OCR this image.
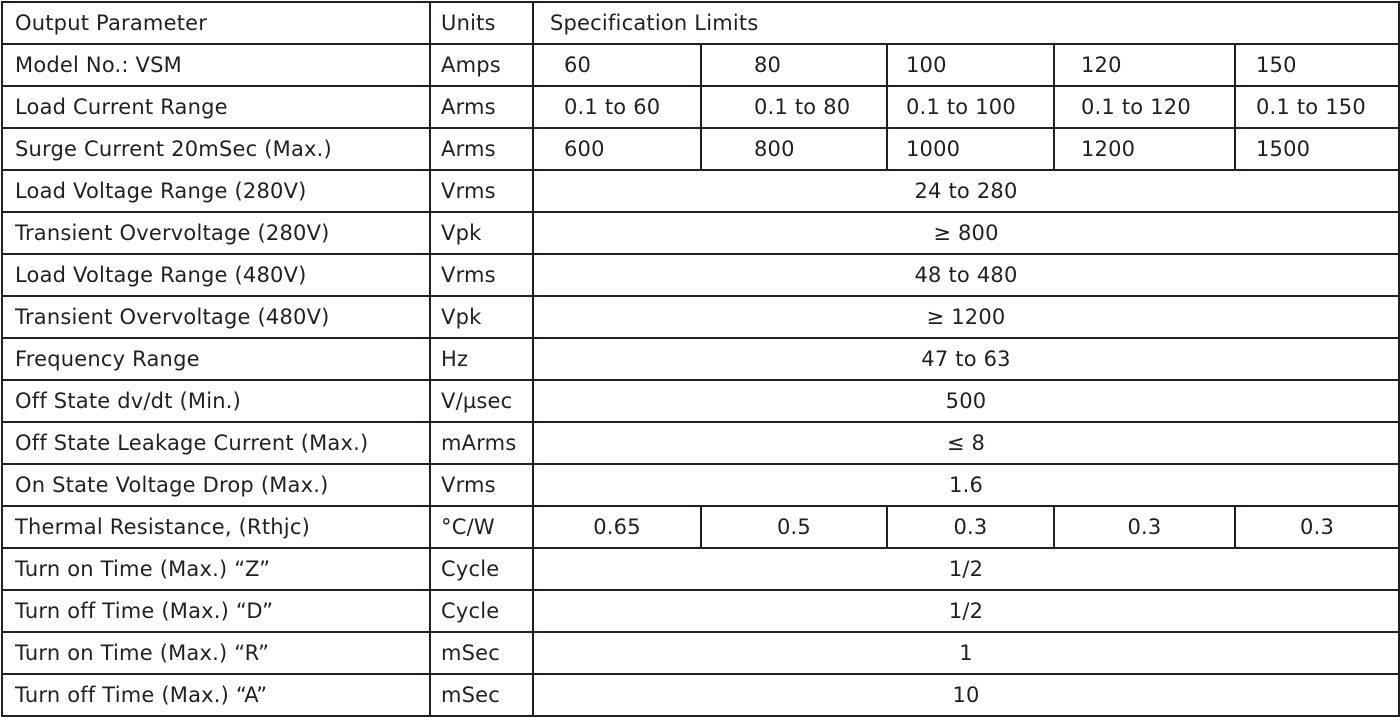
Output Parameter	Units	Specification Limits				
Model No.: VSM	Amps	60	80	100	120	150
Load Current Range	Arms	0.1 to 60	0.1 to 80	0.1 to 100	0.1 to 120	0.1 to 150
Surge Current 20mSec (Max.)	Arms	600	800	1000	1200	1500
Load Voltage Range (280V)	Vrms	24 to 280				
Transient Overvoltage (280V)	Vpk	≥ 800				
Load Voltage Range (480V)	Vrms	48 to 480				
Transient Overvoltage (480V)	Vpk	≥ 1200				
Frequency Range	Hz	47 to 63				
Off State dv/dt (Min.)	V/µsec	500				
Off State Leakage Current (Max.)	mArms	≤ 8				
On State Voltage Drop (Max.)	Vrms	1.6				
Thermal Resistance, (Rthjc)	°C/W	0.65	0.5	0.3	0.3	0.3
Turn on Time (Max.) “Z”	Cycle	1/2				
Turn off Time (Max.) “D”	Cycle	1/2				
Turn on Time (Max.) “R”	mSec	1				
Turn off Time (Max.) “A”	mSec	10				
